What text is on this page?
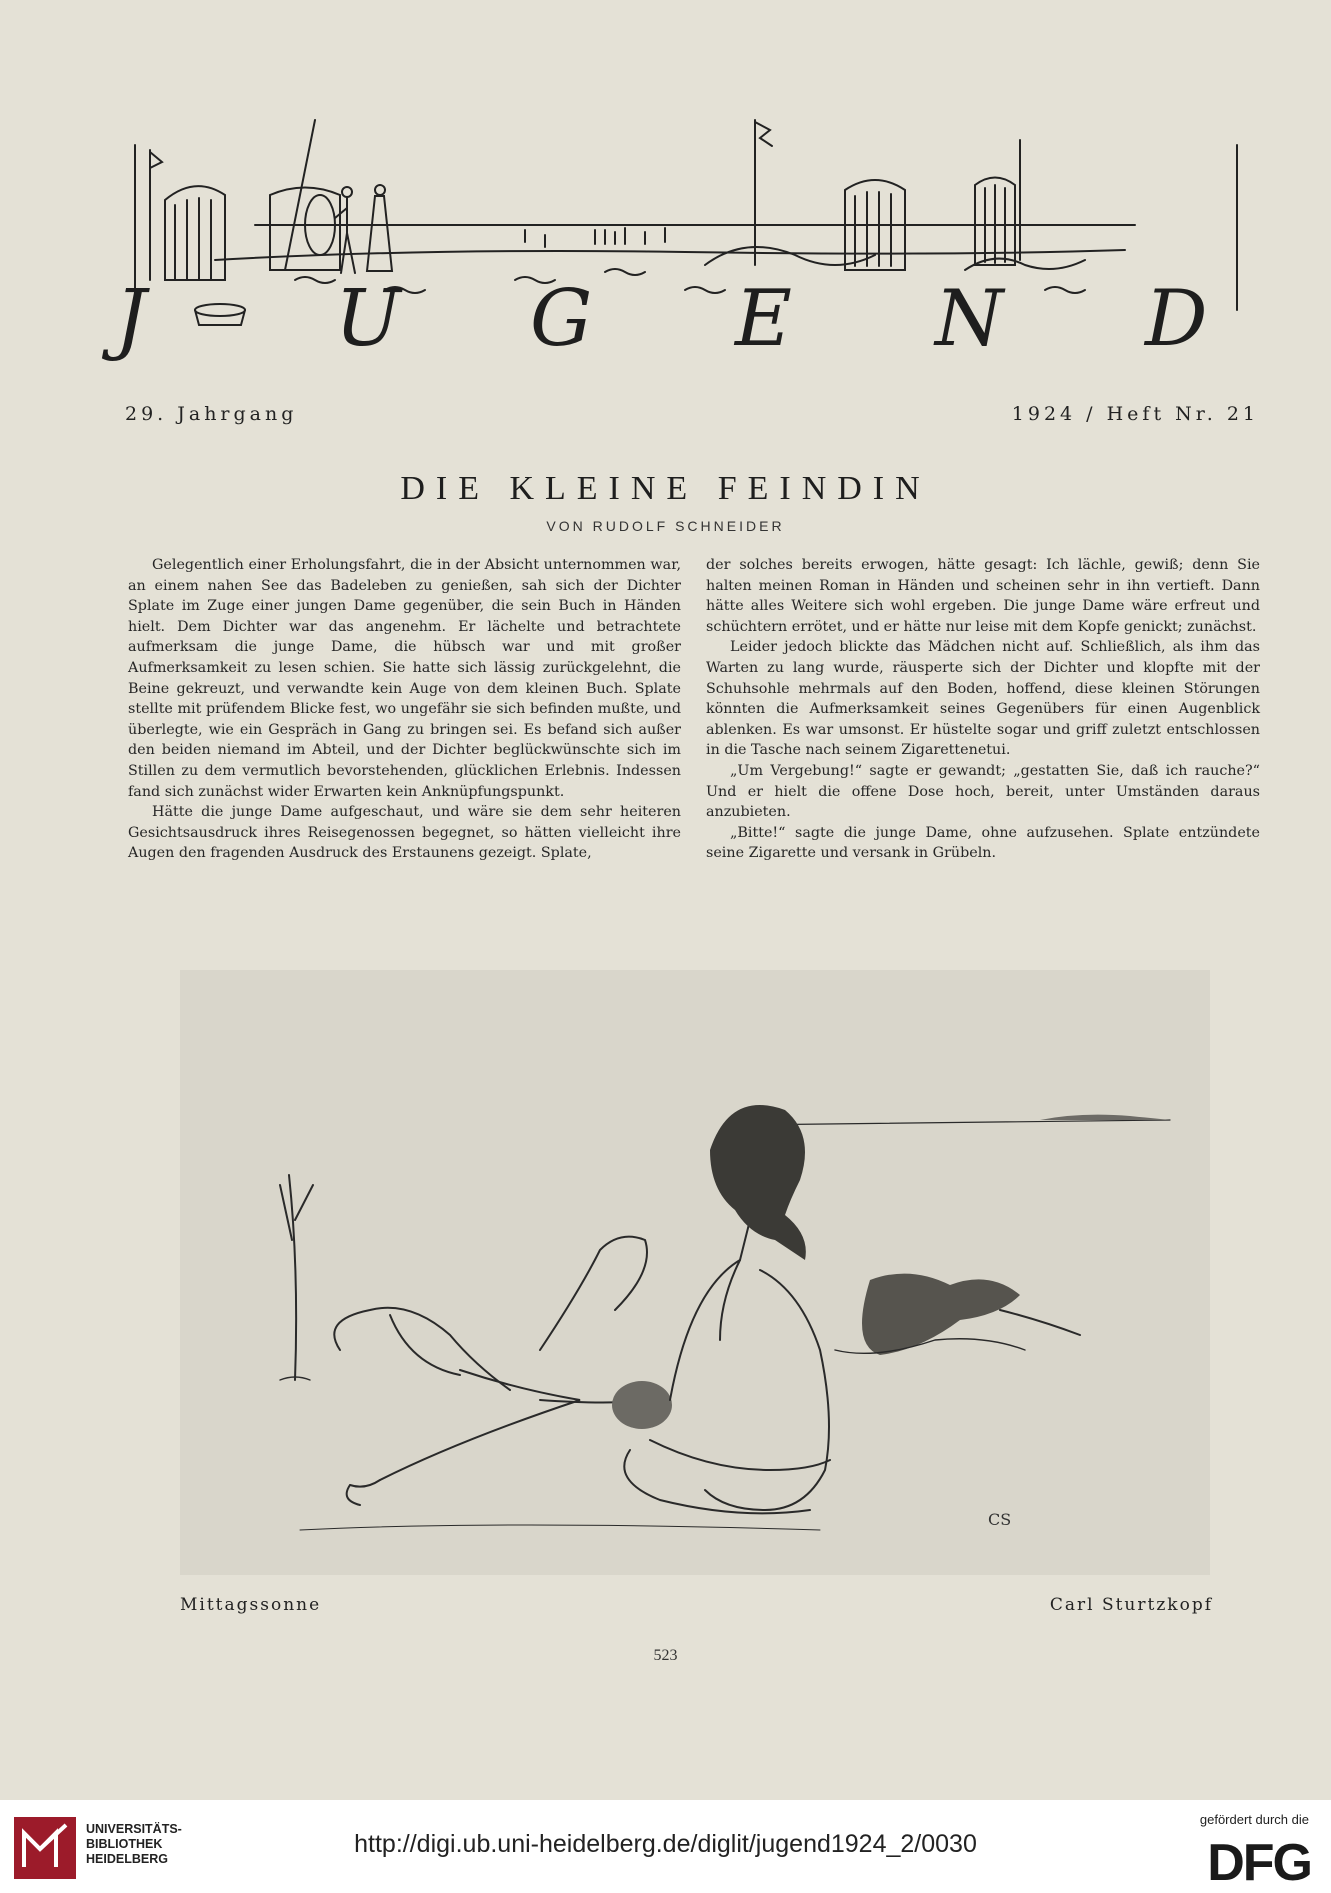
J U G E N D
29. Jahrgang	1924 / Heft Nr. 21
DIE KLEINE FEINDIN
VON RUDOLF SCHNEIDER

Gelegentlich einer Erholungsfahrt, die in der Absicht unternommen war, an einem nahen See das Badeleben zu genießen, sah sich der Dichter Splate im Zuge einer jungen Dame gegenüber, die sein Buch in Händen hielt. Dem Dichter war das angenehm. Er lächelte und betrachtete aufmerksam die junge Dame, die hübsch war und mit großer Aufmerksamkeit zu lesen schien. Sie hatte sich lässig zurückgelehnt, die Beine gekreuzt, und verwandte kein Auge von dem kleinen Buch. Splate stellte mit prüfendem Blicke fest, wo ungefähr sie sich befinden mußte, und überlegte, wie ein Gespräch in Gang zu bringen sei. Es befand sich außer den beiden niemand im Abteil, und der Dichter beglückwünschte sich im Stillen zu dem vermutlich bevorstehenden, glücklichen Erlebnis. Indessen fand sich zunächst wider Erwarten kein Anknüpfungspunkt.

Hätte die junge Dame aufgeschaut, und wäre sie dem sehr heiteren Gesichtsausdruck ihres Reisegenossen begegnet, so hätten vielleicht ihre Augen den fragenden Ausdruck des Erstaunens gezeigt. Splate,

der solches bereits erwogen, hätte gesagt: Ich lächle, gewiß; denn Sie halten meinen Roman in Händen und scheinen sehr in ihn vertieft. Dann hätte alles Weitere sich wohl ergeben. Die junge Dame wäre erfreut und schüchtern errötet, und er hätte nur leise mit dem Kopfe genickt; zunächst.

Leider jedoch blickte das Mädchen nicht auf. Schließlich, als ihm das Warten zu lang wurde, räusperte sich der Dichter und klopfte mit der Schuhsohle mehrmals auf den Boden, hoffend, diese kleinen Störungen könnten die Aufmerksamkeit seines Gegenübers für einen Augenblick ablenken. Es war umsonst. Er hüstelte sogar und griff zuletzt entschlossen in die Tasche nach seinem Zigarettenetui.

„Um Vergebung!“ sagte er gewandt; „gestatten Sie, daß ich rauche?“ Und er hielt die offene Dose hoch, bereit, unter Umständen daraus anzubieten.

„Bitte!“ sagte die junge Dame, ohne aufzusehen. Splate entzündete seine Zigarette und versank in Grübeln.

CS
Mittagssonne	Carl Sturtzkopf
523
UNIVERSITÄTS-
BIBLIOTHEK
HEIDELBERG
http://digi.ub.uni-heidelberg.de/diglit/jugend1924_2/0030
gefördert durch die
DFG
